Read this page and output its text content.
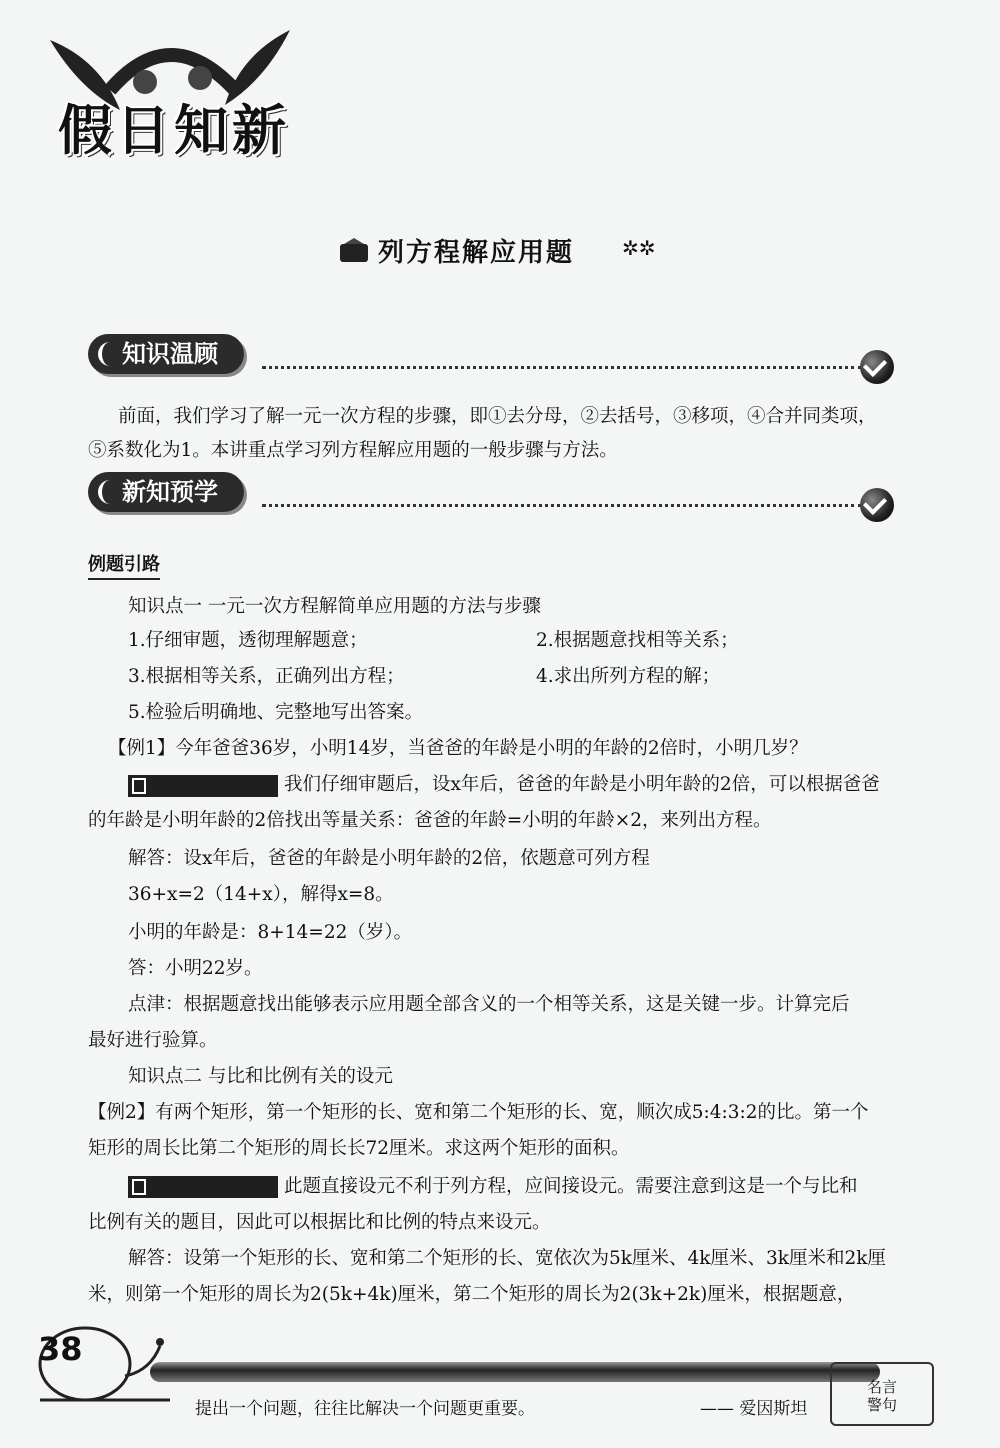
假日知新
列方程解应用题 ✲✲
知识温顾

前面，我们学习了解一元一次方程的步骤，即①去分母，②去括号，③移项，④合并同类项，

⑤系数化为1。本讲重点学习列方程解应用题的一般步骤与方法。

新知预学
例题引路

知识点一 一元一次方程解简单应用题的方法与步骤

1.仔细审题，透彻理解题意；	2.根据题意找相等关系；

3.根据相等关系，正确列出方程；	4.求出所列方程的解；

5.检验后明确地、完整地写出答案。

【例1】今年爸爸36岁，小明14岁，当爸爸的年龄是小明的年龄的2倍时，小明几岁？

我们仔细审题后，设x年后，爸爸的年龄是小明年龄的2倍，可以根据爸爸

的年龄是小明年龄的2倍找出等量关系：爸爸的年龄=小明的年龄×2，来列出方程。

解答：设x年后，爸爸的年龄是小明年龄的2倍，依题意可列方程

36+x=2（14+x），解得x=8。

小明的年龄是：8+14=22（岁）。

答：小明22岁。

点津：根据题意找出能够表示应用题全部含义的一个相等关系，这是关键一步。计算完后

最好进行验算。

知识点二 与比和比例有关的设元

【例2】有两个矩形，第一个矩形的长、宽和第二个矩形的长、宽，顺次成5:4:3:2的比。第一个

矩形的周长比第二个矩形的周长长72厘米。求这两个矩形的面积。

此题直接设元不利于列方程，应间接设元。需要注意到这是一个与比和

比例有关的题目，因此可以根据比和比例的特点来设元。

解答：设第一个矩形的长、宽和第二个矩形的长、宽依次为5k厘米、4k厘米、3k厘米和2k厘

米，则第一个矩形的周长为2(5k+4k)厘米，第二个矩形的周长为2(3k+2k)厘米，根据题意，

38
提出一个问题，往往比解决一个问题更重要。	—— 爱因斯坦
名言警句
